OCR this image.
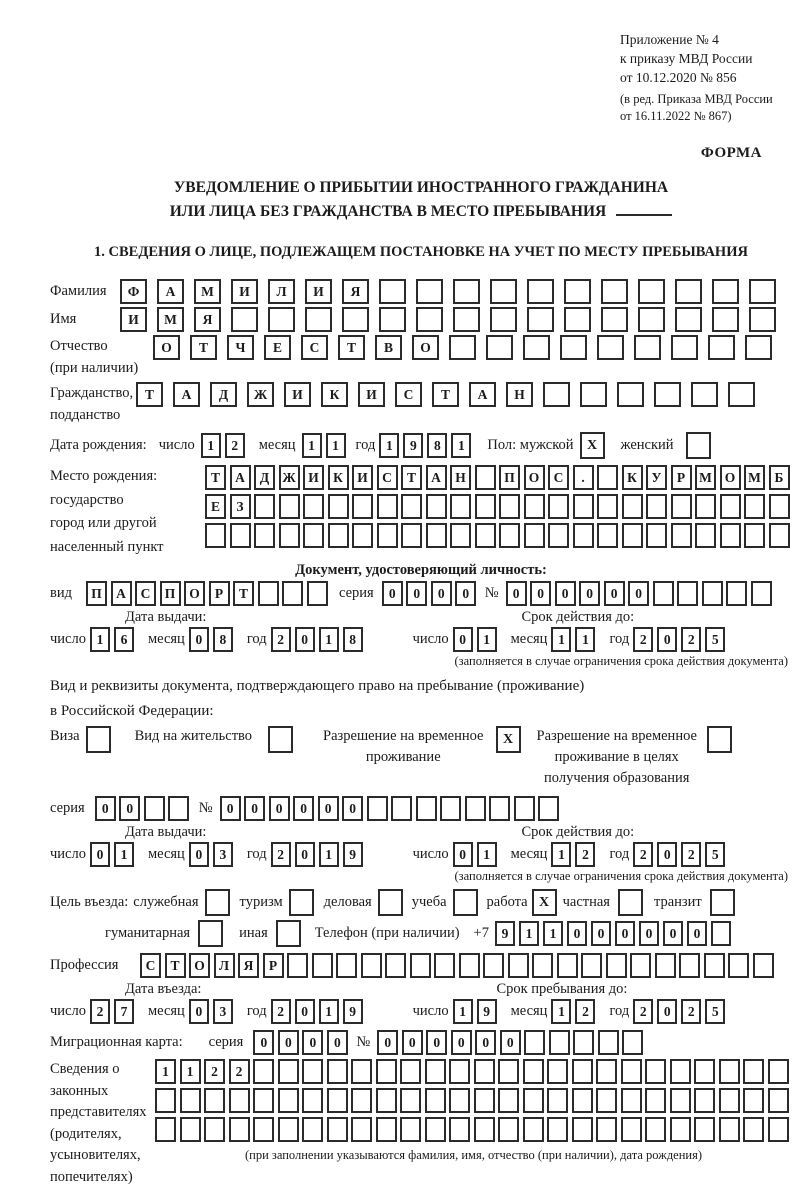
Приложение № 4
к приказу МВД России
от 10.12.2020 № 856
(в ред. Приказа МВД России
от 16.11.2022 № 867)
ФОРМА
УВЕДОМЛЕНИЕ О ПРИБЫТИИ ИНОСТРАННОГО ГРАЖДАНИНА
ИЛИ ЛИЦА БЕЗ ГРАЖДАНСТВА В МЕСТО ПРЕБЫВАНИЯ
1. СВЕДЕНИЯ О ЛИЦЕ, ПОДЛЕЖАЩЕМ ПОСТАНОВКЕ НА УЧЕТ ПО МЕСТУ ПРЕБЫВАНИЯ
Фамилия	Ф	А	М	И	Л	И	Я
Имя	И	М	Я
Отчество
(при наличии)
О	Т	Ч	Е	С	Т	В	О
Гражданство,
подданство
Т	А	Д	Ж	И	К	И	С	Т	А	Н
Дата рождения: число 1	2	месяц 1	1	год 1	9	8	1	Пол: мужской X	женский
Место рождения:
государство
город или другой
населенный пункт
Т	А	Д Ж И	К	И	С	Т	А	Н	П	О	С	.	К	У	Р	М О М	Б
Е	З
Документ, удостоверяющий личность:
вид	П	А	С	П	О	Р	Т	серия	0	0	0	0	№	0	0	0	0	0	0
Дата выдачи:	Срок действия до:
число 1	6	месяц 0	8	год 2	0	1	8	число 0	1	месяц 1	1	год 2	0	2	5
(заполняется в случае ограничения срока действия документа)
Вид и реквизиты документа, подтверждающего право на пребывание (проживание)
в Российской Федерации:
Виза	Вид на жительство	Разрешение на временное
проживание
X	Разрешение на временное
проживание в целях
получения образования
серия	0	0	№	0	0	0	0	0	0
Дата выдачи:	Срок действия до:
число 0	1	месяц 0	3	год 2	0	1	9	число 0	1	месяц 1	2	год 2	0	2	5
(заполняется в случае ограничения срока действия документа)
Цель въезда: служебная	туризм	деловая	учеба	работа X частная	транзит
гуманитарная	иная	Телефон (при наличии) +7 9	1	1	0	0	0	0	0	0
Профессия	С	Т	О	Л	Я	Р
Дата въезда:	Срок пребывания до:
число 2	7	месяц 0	3	год 2	0	1	9	число 1	9	месяц 1	2	год 2	0	2	5
Миграционная карта: серия	0	0	0	0	№	0	0	0	0	0	0
Сведения о
законных
представителях
(родителях,
усыновителях,
попечителях)
1	1	2	2
(при заполнении указываются фамилия, имя, отчество (при наличии), дата рождения)
